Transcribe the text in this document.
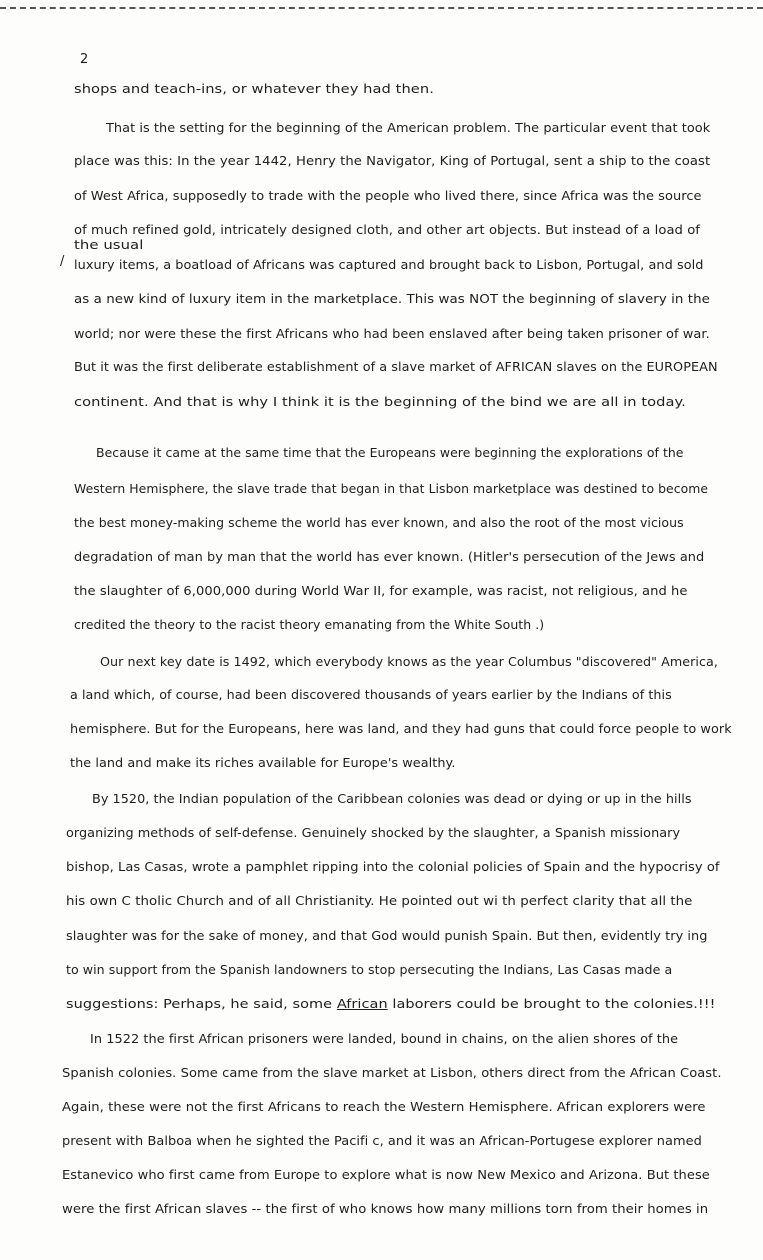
2
shops and teach-ins, or whatever they had then.
That is the setting for the beginning of the American problem. The particular event that took
place was this: In the year 1442, Henry the Navigator, King of Portugal, sent a ship to the coast
of West Africa, supposedly to trade with the people who lived there, since Africa was the source
of much refined gold, intricately designed cloth, and other art objects. But instead of a load of
the usual
/ luxury items, a boatload of Africans was captured and brought back to Lisbon, Portugal, and sold
as a new kind of luxury item in the marketplace. This was NOT the beginning of slavery in the
world; nor were these the first Africans who had been enslaved after being taken prisoner of war.
But it was the first deliberate establishment of a slave market of AFRICAN slaves on the EUROPEAN
continent. And that is why I think it is the beginning of the bind we are all in today.
Because it came at the same time that the Europeans were beginning the explorations of the
Western Hemisphere, the slave trade that began in that Lisbon marketplace was destined to become
the best money-making scheme the world has ever known, and also the root of the most vicious
degradation of man by man that the world has ever known. (Hitler's persecution of the Jews and
the slaughter of 6,000,000 during World War II, for example, was racist, not religious, and he
credited the theory to the racist theory emanating from the White South .)
Our next key date is 1492, which everybody knows as the year Columbus "discovered" America,
a land which, of course, had been discovered thousands of years earlier by the Indians of this
hemisphere. But for the Europeans, here was land, and they had guns that could force people to work
the land and make its riches available for Europe's wealthy.
By 1520, the Indian population of the Caribbean colonies was dead or dying or up in the hills
organizing methods of self-defense. Genuinely shocked by the slaughter, a Spanish missionary
bishop, Las Casas, wrote a pamphlet ripping into the colonial policies of Spain and the hypocrisy of
his own C tholic Church and of all Christianity. He pointed out wi th perfect clarity that all the
slaughter was for the sake of money, and that God would punish Spain. But then, evidently try ing
to win support from the Spanish landowners to stop persecuting the Indians, Las Casas made a
suggestions: Perhaps, he said, some African laborers could be brought to the colonies.!!!
In 1522 the first African prisoners were landed, bound in chains, on the alien shores of the
Spanish colonies. Some came from the slave market at Lisbon, others direct from the African Coast.
Again, these were not the first Africans to reach the Western Hemisphere. African explorers were
present with Balboa when he sighted the Pacifi c, and it was an African-Portugese explorer named
Estanevico who first came from Europe to explore what is now New Mexico and Arizona. But these
were the first African slaves -- the first of who knows how many millions torn from their homes in
